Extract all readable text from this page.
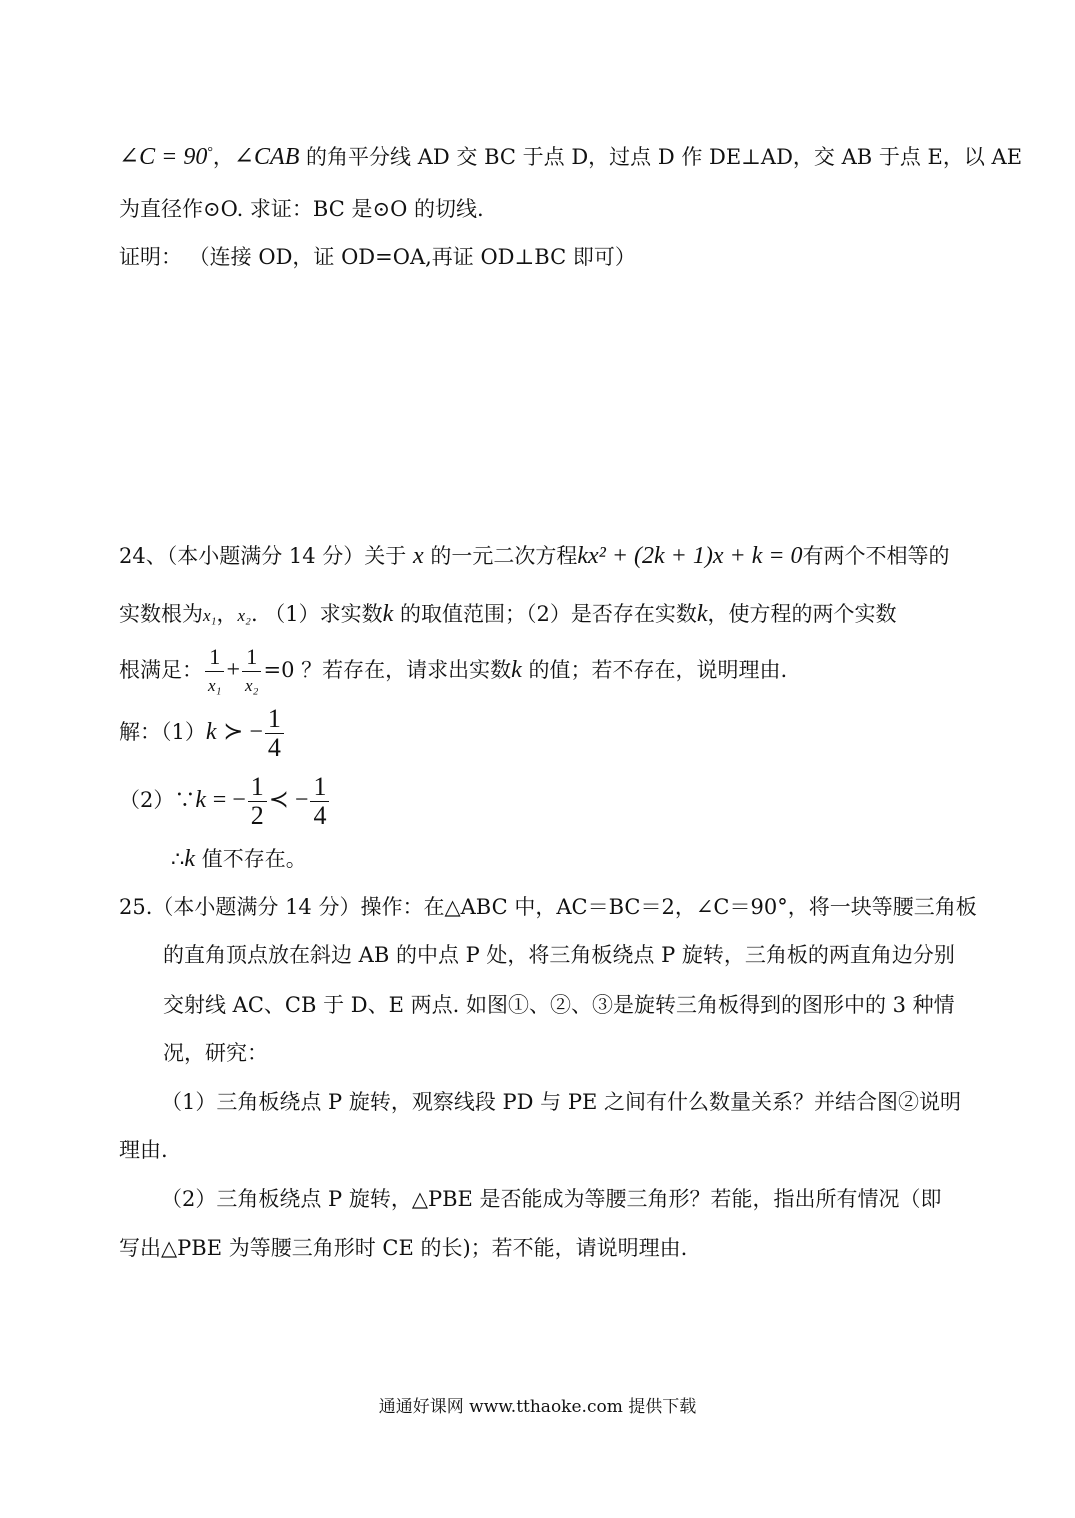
∠C = 90°，∠CAB 的角平分线 AD 交 BC 于点 D，过点 D 作 DE⊥AD，交 AB 于点 E，以 AE
为直径作⊙O. 求证：BC 是⊙O 的切线.
证明： （连接 OD，证 OD=OA,再证 OD⊥BC 即可）
24、（本小题满分 14 分）关于 x 的一元二次方程kx² + (2k + 1)x + k = 0有两个不相等的
实数根为x₁，x₂. （1）求实数k 的取值范围；（2）是否存在实数k，使方程的两个实数
根满足： $\frac{1}{\text{x₁}} + \frac{1}{\text{x₂}} =0$ ？若存在，请求出实数k 的值；若不存在，说明理由.
解：（1）k ≻ − $\frac{1}{4}$
（2）∵k = − $\frac{1}{2}$ ≺ − $\frac{1}{4}$
∴k 值不存在。
25.（本小题满分 14 分）操作：在△ABC 中，AC＝BC＝2，∠C＝90°，将一块等腰三角板
的直角顶点放在斜边 AB 的中点 P 处，将三角板绕点 P 旋转，三角板的两直角边分别
交射线 AC、CB 于 D、E 两点. 如图①、②、③是旋转三角板得到的图形中的 3 种情
况，研究：
（1）三角板绕点 P 旋转，观察线段 PD 与 PE 之间有什么数量关系？并结合图②说明
理由.
（2）三角板绕点 P 旋转，△PBE 是否能成为等腰三角形？若能，指出所有情况（即
写出△PBE 为等腰三角形时 CE 的长)；若不能，请说明理由.
通通好课网 www.tthaoke.com 提供下载
